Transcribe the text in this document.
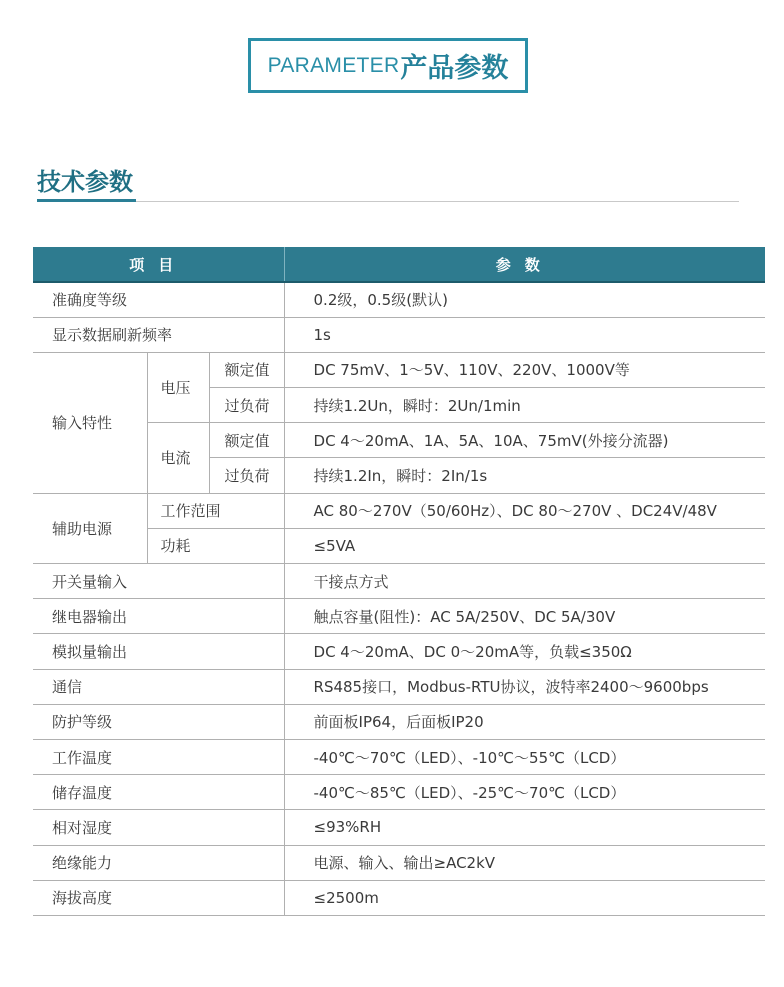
PARAMETER 产品参数
技术参数
项目			参数
准确度等级			0.2级，0.5级(默认)
显示数据刷新频率			1s
输入特性	电压	额定值	DC 75mV、1～5V、110V、220V、1000V等
		过负荷	持续1.2Un，瞬时：2Un/1min
	电流	额定值	DC 4～20mA、1A、5A、10A、75mV(外接分流器)
		过负荷	持续1.2In，瞬时：2In/1s
辅助电源	工作范围		AC 80～270V（50/60Hz）、DC 80～270V 、DC24V/48V
	功耗		≤5VA
开关量输入			干接点方式
继电器输出			触点容量(阻性)：AC 5A/250V、DC 5A/30V
模拟量输出			DC 4～20mA、DC 0～20mA等，负载≤350Ω
通信			RS485接口，Modbus-RTU协议，波特率2400～9600bps
防护等级			前面板IP64，后面板IP20
工作温度			-40℃～70℃（LED）、-10℃～55℃（LCD）
储存温度			-40℃～85℃（LED）、-25℃～70℃（LCD）
相对湿度			≤93%RH
绝缘能力			电源、输入、输出≥AC2kV
海拔高度			≤2500m
